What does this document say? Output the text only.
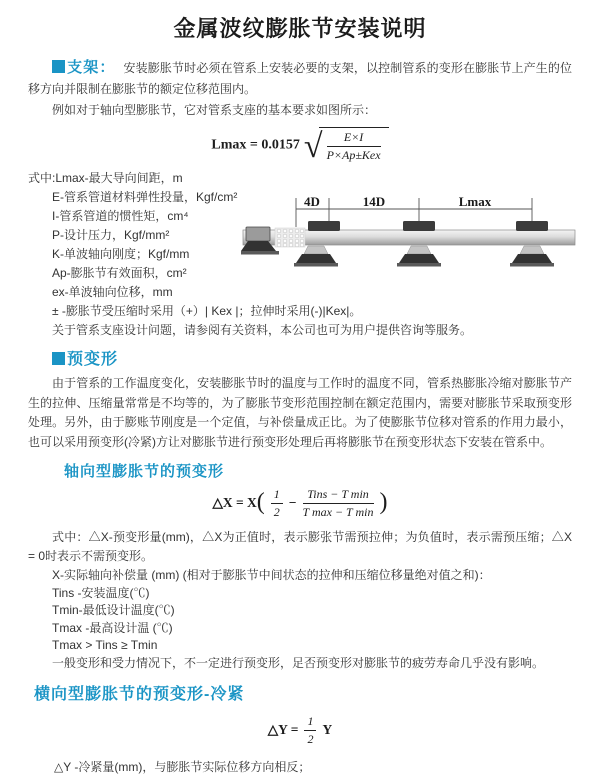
金属波纹膨胀节安装说明

支架： 安装膨胀节时必须在管系上安装必要的支架，以控制管系的变形在膨胀节上产生的位移方向并限制在膨胀节的额定位移范围内。

例如对于轴向型膨胀节，它对管系支座的基本要求如图所示：

Lmax = 0.0157 √ $\frac{E\times I}{\text{P×Ap±Kex}}$
式中:Lmax-最大导向间距，m
E-管系管道材料弹性投量，Kgf/cm²
I-管系管道的惯性矩，cm⁴
P-设计压力，Kgf/mm²
K-单波轴向刚度；Kgf/mm
Ap-膨胀节有效面积，cm²
ex-单波轴向位移，mm
± -膨胀节受压缩时采用（+）| Kex |；拉伸时采用(-)|Kex|。
关于管系支座设计问题，请参阅有关资料，本公司也可为用户提供咨询等服务。
预变形

由于管系的工作温度变化，安装膨胀节时的温度与工作时的温度不同，管系热膨胀冷缩对膨胀节产生的拉伸、压缩量常常是不均等的，为了膨胀节变形范围控制在额定范围内，需要对膨胀节采取预变形处理。另外，由于膨账节刚度是一个定值，与补偿量成正比。为了使膨胀节位移对管系的作用力最小，也可以采用预变形(冷紧)方让对膨胀节进行预变形处理后再将膨胀节在预变形状态下安装在管系中。

轴向型膨胀节的预变形
△X = $X( \frac{1}{2} - \frac{\text{Tins − T min}}{\text{T max − T min}}$ )

式中：△X-预变形量(mm)，△X为正值时，表示膨张节需预拉伸；为负值时，表示需预压缩；△X = 0时表示不需预变形。

X-实际轴向补偿量 (mm) (相对于膨胀节中间状态的拉伸和压缩位移量绝对值之和)：
Tins -安装温度(℃)
Tmin-最低设计温度(℃)
Tmax -最高设计温 (℃)
Tmax > Tins ≥ Tmin
一般变形和受力情况下，不一定进行预变形，足否预变形对膨胀节的疲劳寿命几乎没有影响。
横向型膨胀节的预变形-冷紧
△Y = $\frac{1}{2}$ Y

△Y -冷紧量(mm)，与膨胀节实际位移方向相反；

4D	14D	Lmax
